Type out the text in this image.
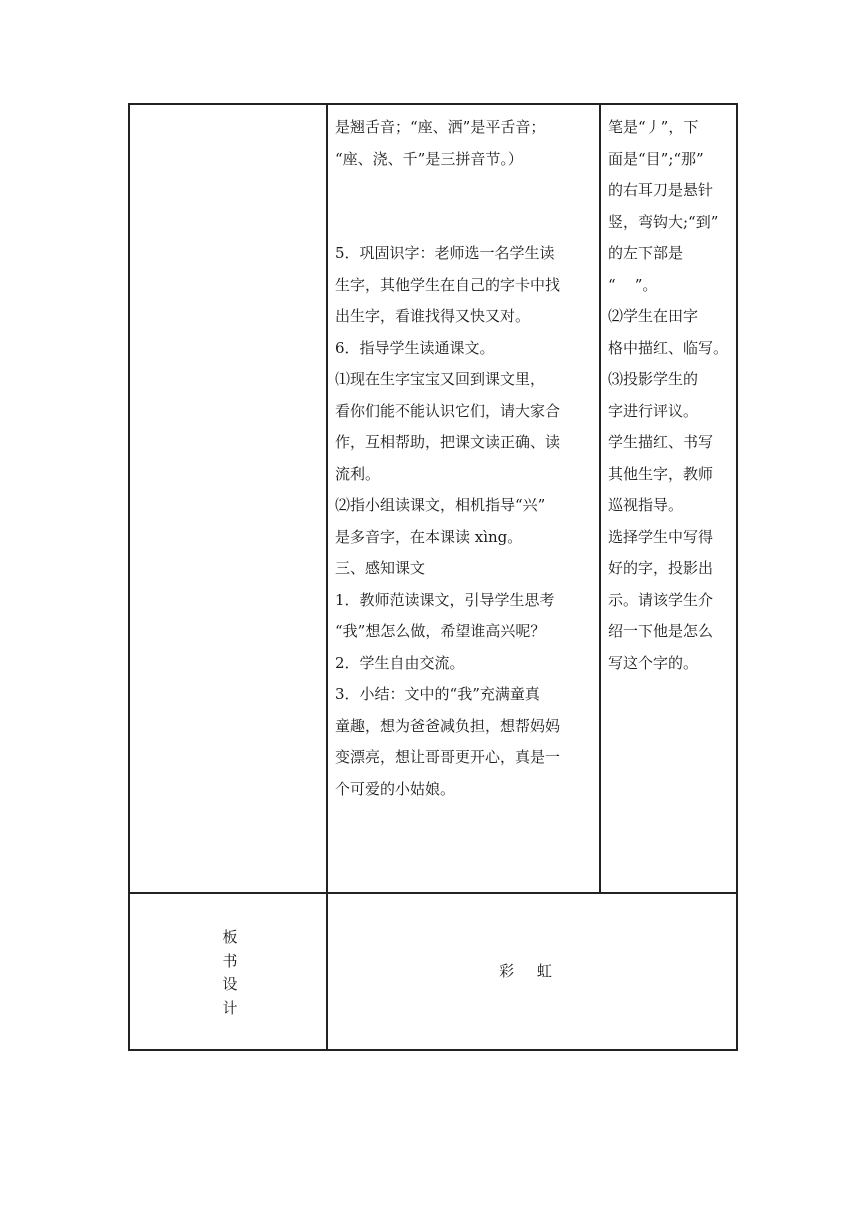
是翘舌音；“座、洒”是平舌音；

“座、浇、千”是三拼音节。）

5．巩固识字：老师选一名学生读

生字，其他学生在自己的字卡中找

出生字，看谁找得又快又对。

6．指导学生读通课文。

⑴现在生字宝宝又回到课文里，

看你们能不能认识它们，请大家合

作，互相帮助，把课文读正确、读

流利。

⑵指小组读课文，相机指导“兴”

是多音字，在本课读 xìng。

三、感知课文

1．教师范读课文，引导学生思考

“我”想怎么做，希望谁高兴呢？

2．学生自由交流。

3．小结：文中的“我”充满童真

童趣，想为爸爸减负担，想帮妈妈

变漂亮，想让哥哥更开心，真是一

个可爱的小姑娘。

笔是“丿”，下

面是“目”;“那”

的右耳刀是悬针

竖，弯钩大;“到”

的左下部是

“    ”。

⑵学生在田字

格中描红、临写。

⑶投影学生的

字进行评议。

学生描红、书写

其他生字，教师

巡视指导。

选择学生中写得

好的字，投影出

示。请该学生介

绍一下他是怎么

写这个字的。

板
书
设
计
彩 虹
